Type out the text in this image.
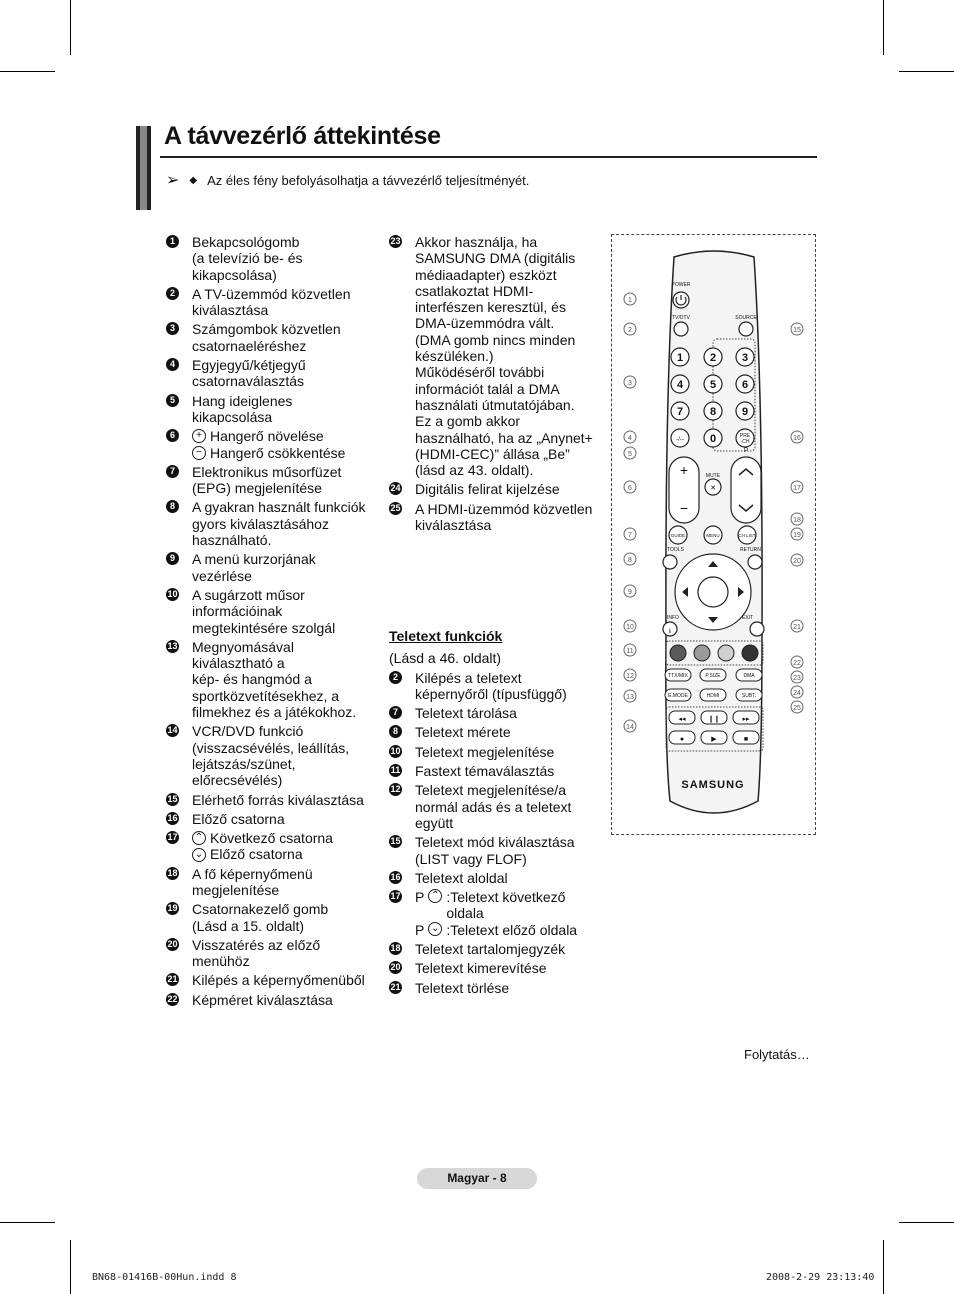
A távvezérlő áttekintése
➢ ◆ Az éles fény befolyásolhatja a távvezérlő teljesítményét.
1 Bekapcsológomb
(a televízió be- és
kikapcsolása)
2 A TV-üzemmód közvetlen
kiválasztása
3 Számgombok közvetlen
csatornaeléréshez
4 Egyjegyű/kétjegyű
csatornaválasztás
5 Hang ideiglenes
kikapcsolása
6	+ Hangerő növelése
− Hangerő csökkentése
7 Elektronikus műsorfüzet
(EPG) megjelenítése
8 A gyakran használt funkciók
gyors kiválasztásához
használható.
9 A menü kurzorjának
vezérlése
10 A sugárzott műsor
információinak
megtekintésére szolgál
13 Megnyomásával
kiválasztható a
kép- és hangmód a
sportközvetítésekhez, a
filmekhez és a játékokhoz.
14 VCR/DVD funkció
(visszacsévélés, leállítás,
lejátszás/szünet,
előrecsévélés)
15 Elérhető forrás kiválasztása
16 Előző csatorna
17 ⌃ Következő csatorna
⌄ Előző csatorna
18 A fő képernyőmenü
megjelenítése
19 Csatornakezelő gomb
(Lásd a 15. oldalt)
20 Visszatérés az előző
menühöz
21 Kilépés a képernyőmenüből
22 Képméret kiválasztása
23 Akkor használja, ha
SAMSUNG DMA (digitális
médiaadapter) eszközt
csatlakoztat HDMI-
interfészen keresztül, és
DMA-üzemmódra vált.
(DMA gomb nincs minden
készüléken.)
Működéséről további
információt talál a DMA
használati útmutatójában.
Ez a gomb akkor
használható, ha az „Anynet+
(HDMI-CEC)” állása „Be”
(lásd az 43. oldalt).
24 Digitális felirat kijelzése
25 A HDMI-üzemmód közvetlen
kiválasztása
Teletext funkciók
(Lásd a 46. oldalt)
2 Kilépés a teletext
képernyőről (típusfüggő)
7 Teletext tárolása
8 Teletext mérete
10 Teletext megjelenítése
11 Fastext témaválasztás
12 Teletext megjelenítése/a
normál adás és a teletext
együtt
15 Teletext mód kiválasztása
(LIST vagy FLOF)
16 Teletext aloldal
17 P ⌃ :Teletext következő
oldala
P ⌄ :Teletext előző oldala
18 Teletext tartalomjegyzék
20 Teletext kimerevítése
21 Teletext törlése
POWER
TV/DTV	SOURCE
1 2 3
4 5 6
7 8 9
-/-- 0	PRE
-CH
+
−
P
MUTE
✕
GUIDE	MENU	CH LIST
TOOLS	RETURN
INFO
i
EXIT
TTX/MIX	P.SIZE	DMA
E.MODE	HDMI	SUBT.
◂◂	❙❙	▸▸
●	▶	■
SAMSUNG
1
2
3
4
5
6
7
8
9
10
11
12
13
14
15
16
17
18
19
20
21
22
23
24
25
Folytatás…
Magyar - 8
BN68-01416B-00Hun.indd 8	2008-2-29 23:13:40
